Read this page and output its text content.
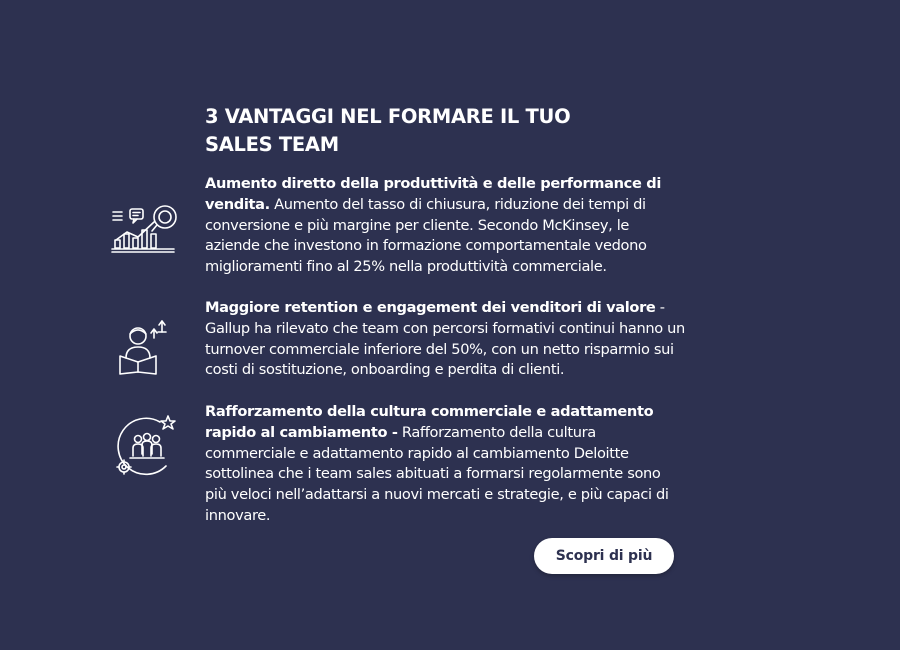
3 VANTAGGI NEL FORMARE IL TUO
SALES TEAM
Aumento diretto della produttività e delle performance di vendita. Aumento del tasso di chiusura, riduzione dei tempi di conversione e più margine per cliente. Secondo McKinsey, le aziende che investono in formazione comportamentale vedono miglioramenti fino al 25% nella produttività commerciale.
Maggiore retention e engagement dei venditori di valore - Gallup ha rilevato che team con percorsi formativi continui hanno un turnover commerciale inferiore del 50%, con un netto risparmio sui costi di sostituzione, onboarding e perdita di clienti.
Rafforzamento della cultura commerciale e adattamento rapido al cambiamento - Rafforzamento della cultura commerciale e adattamento rapido al cambiamento Deloitte sottolinea che i team sales abituati a formarsi regolarmente sono più veloci nell’adattarsi a nuovi mercati e strategie, e più capaci di innovare.
Scopri di più
